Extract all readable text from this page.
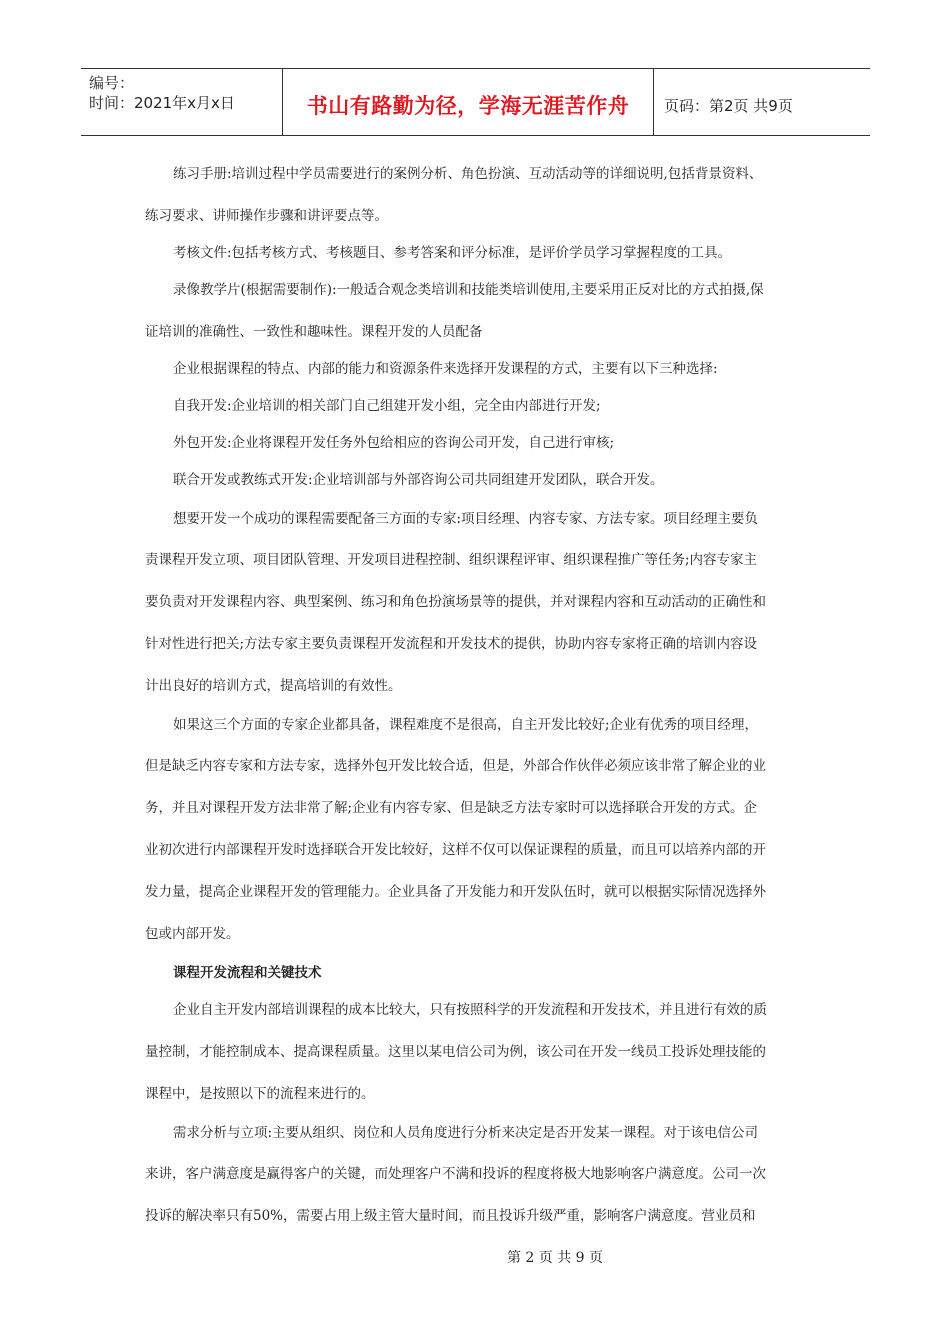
编号：
时间：2021年x月x日	书山有路勤为径，学海无涯苦作舟 页码：第2页 共9页
练习手册:培训过程中学员需要进行的案例分析、角色扮演、互动活动等的详细说明,包括背景资料、
练习要求、讲师操作步骤和讲评要点等。
考核文件:包括考核方式、考核题目、参考答案和评分标准，是评价学员学习掌握程度的工具。
录像教学片(根据需要制作):一般适合观念类培训和技能类培训使用,主要采用正反对比的方式拍摄,保
证培训的准确性、一致性和趣味性。课程开发的人员配备
企业根据课程的特点、内部的能力和资源条件来选择开发课程的方式，主要有以下三种选择:
自我开发:企业培训的相关部门自己组建开发小组，完全由内部进行开发;
外包开发:企业将课程开发任务外包给相应的咨询公司开发，自己进行审核;
联合开发或教练式开发:企业培训部与外部咨询公司共同组建开发团队，联合开发。
想要开发一个成功的课程需要配备三方面的专家:项目经理、内容专家、方法专家。项目经理主要负
责课程开发立项、项目团队管理、开发项目进程控制、组织课程评审、组织课程推广等任务;内容专家主
要负责对开发课程内容、典型案例、练习和角色扮演场景等的提供，并对课程内容和互动活动的正确性和
针对性进行把关;方法专家主要负责课程开发流程和开发技术的提供，协助内容专家将正确的培训内容设
计出良好的培训方式，提高培训的有效性。
如果这三个方面的专家企业都具备，课程难度不是很高，自主开发比较好;企业有优秀的项目经理，
但是缺乏内容专家和方法专家，选择外包开发比较合适，但是，外部合作伙伴必须应该非常了解企业的业
务，并且对课程开发方法非常了解;企业有内容专家、但是缺乏方法专家时可以选择联合开发的方式。企
业初次进行内部课程开发时选择联合开发比较好，这样不仅可以保证课程的质量，而且可以培养内部的开
发力量，提高企业课程开发的管理能力。企业具备了开发能力和开发队伍时，就可以根据实际情况选择外
包或内部开发。
课程开发流程和关键技术
企业自主开发内部培训课程的成本比较大，只有按照科学的开发流程和开发技术，并且进行有效的质
量控制，才能控制成本、提高课程质量。这里以某电信公司为例，该公司在开发一线员工投诉处理技能的
课程中，是按照以下的流程来进行的。
需求分析与立项:主要从组织、岗位和人员角度进行分析来决定是否开发某一课程。对于该电信公司
来讲，客户满意度是赢得客户的关键，而处理客户不满和投诉的程度将极大地影响客户满意度。公司一次
投诉的解决率只有50%，需要占用上级主管大量时间，而且投诉升级严重，影响客户满意度。营业员和
第 2 页 共 9 页
